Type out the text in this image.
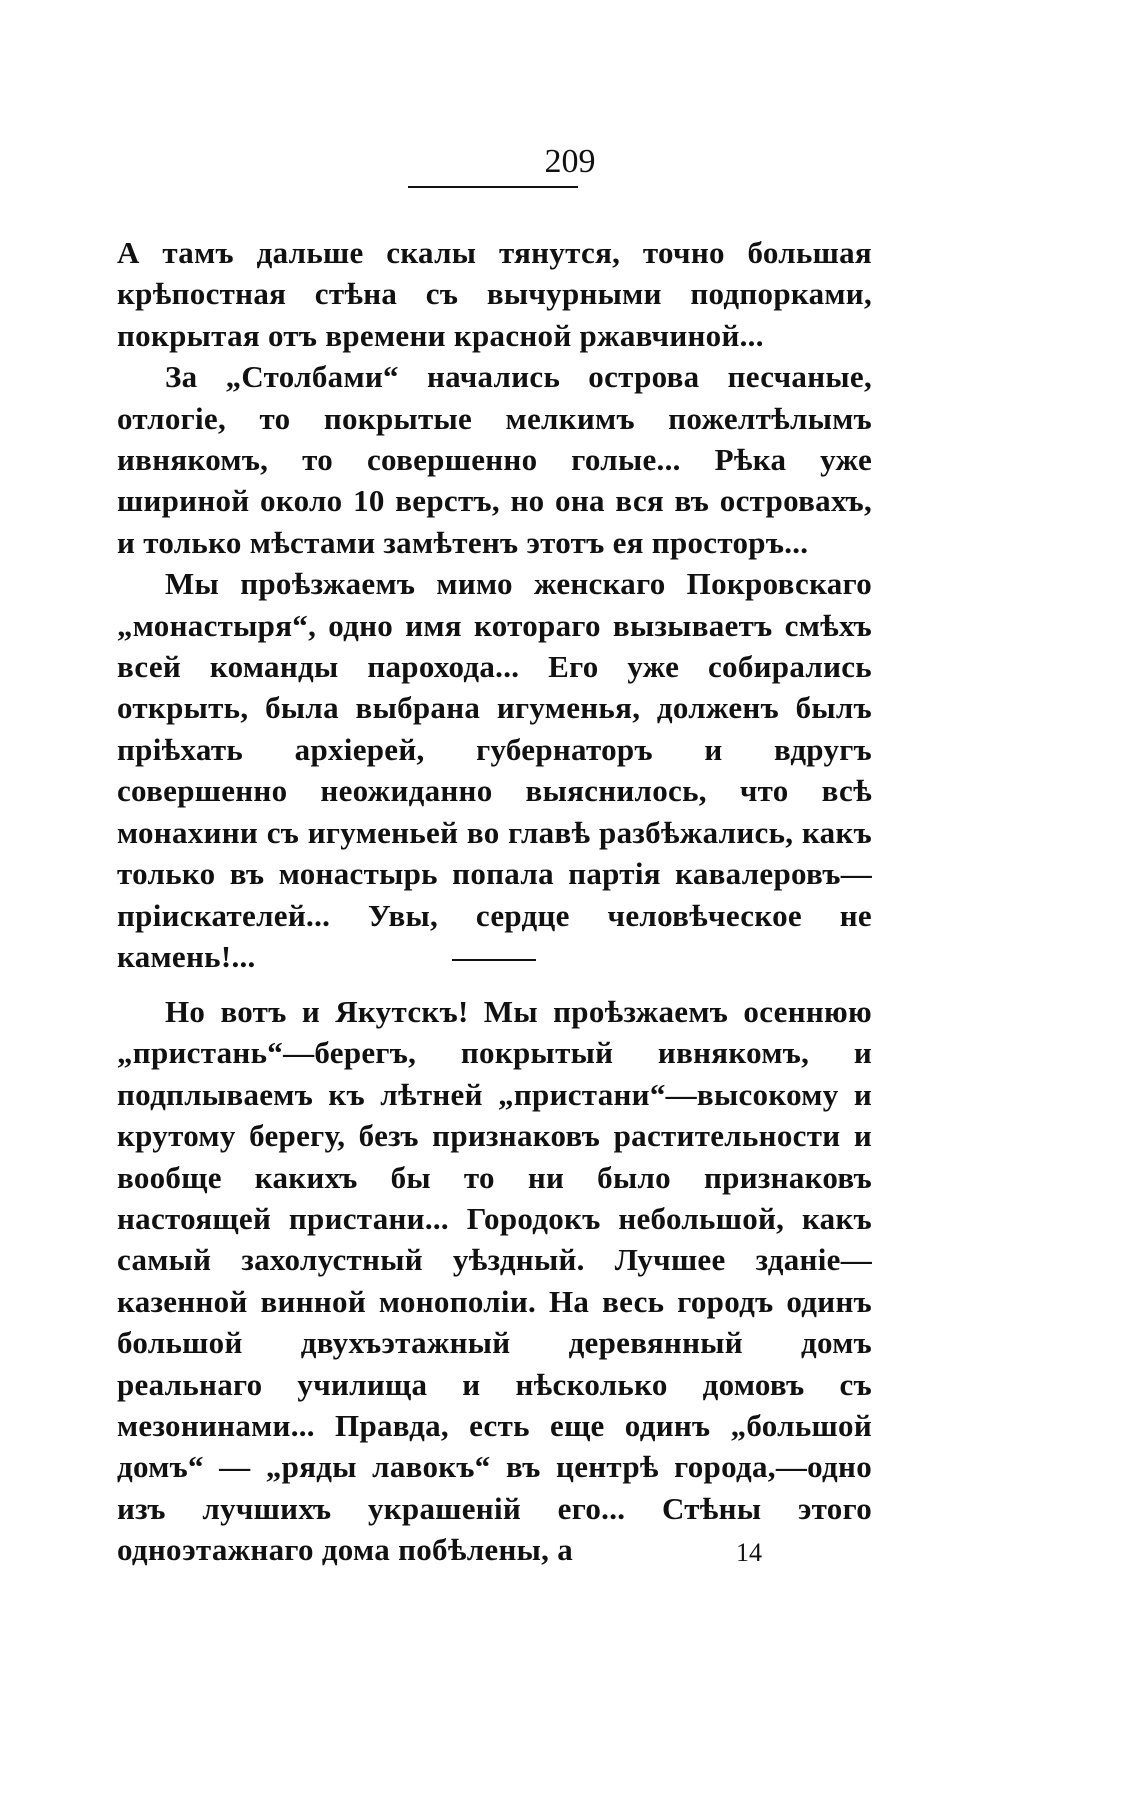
209

А тамъ дальше скалы тянутся, точно большая крѣпостная стѣна съ вычурными подпорками, покрытая отъ времени красной ржавчиной...

За „Столбами“ начались острова песчаные, отлогіе, то покрытые мелкимъ пожелтѣлымъ ивнякомъ, то совершенно голые... Рѣка уже шириной около 10 верстъ, но она вся въ островахъ, и только мѣстами замѣтенъ этотъ ея просторъ...

Мы проѣзжаемъ мимо женскаго Покровскаго „монастыря“, одно имя котораго вызываетъ смѣхъ всей команды парохода... Его уже собирались открыть, была выбрана игуменья, долженъ былъ пріѣхать архіерей, губернаторъ и вдругъ совершенно неожиданно выяснилось, что всѣ монахини съ игуменьей во главѣ разбѣжались, какъ только въ монастырь попала партія кавалеровъ—пріискателей... Увы, сердце человѣческое не камень!...

Но вотъ и Якутскъ! Мы проѣзжаемъ осеннюю „пристань“—берегъ, покрытый ивнякомъ, и подплываемъ къ лѣтней „пристани“—высокому и крутому берегу, безъ признаковъ растительности и вообще какихъ бы то ни было признаковъ настоящей пристани... Городокъ небольшой, какъ самый захолустный уѣздный. Лучшее зданіе—казенной винной монополіи. На весь городъ одинъ большой двухъэтажный деревянный домъ реальнаго училища и нѣсколько домовъ съ мезонинами... Правда, есть еще одинъ „большой домъ“ — „ряды лавокъ“ въ центрѣ города,—одно изъ лучшихъ украшеній его... Стѣны этого одноэтажнаго дома побѣлены, а	14
